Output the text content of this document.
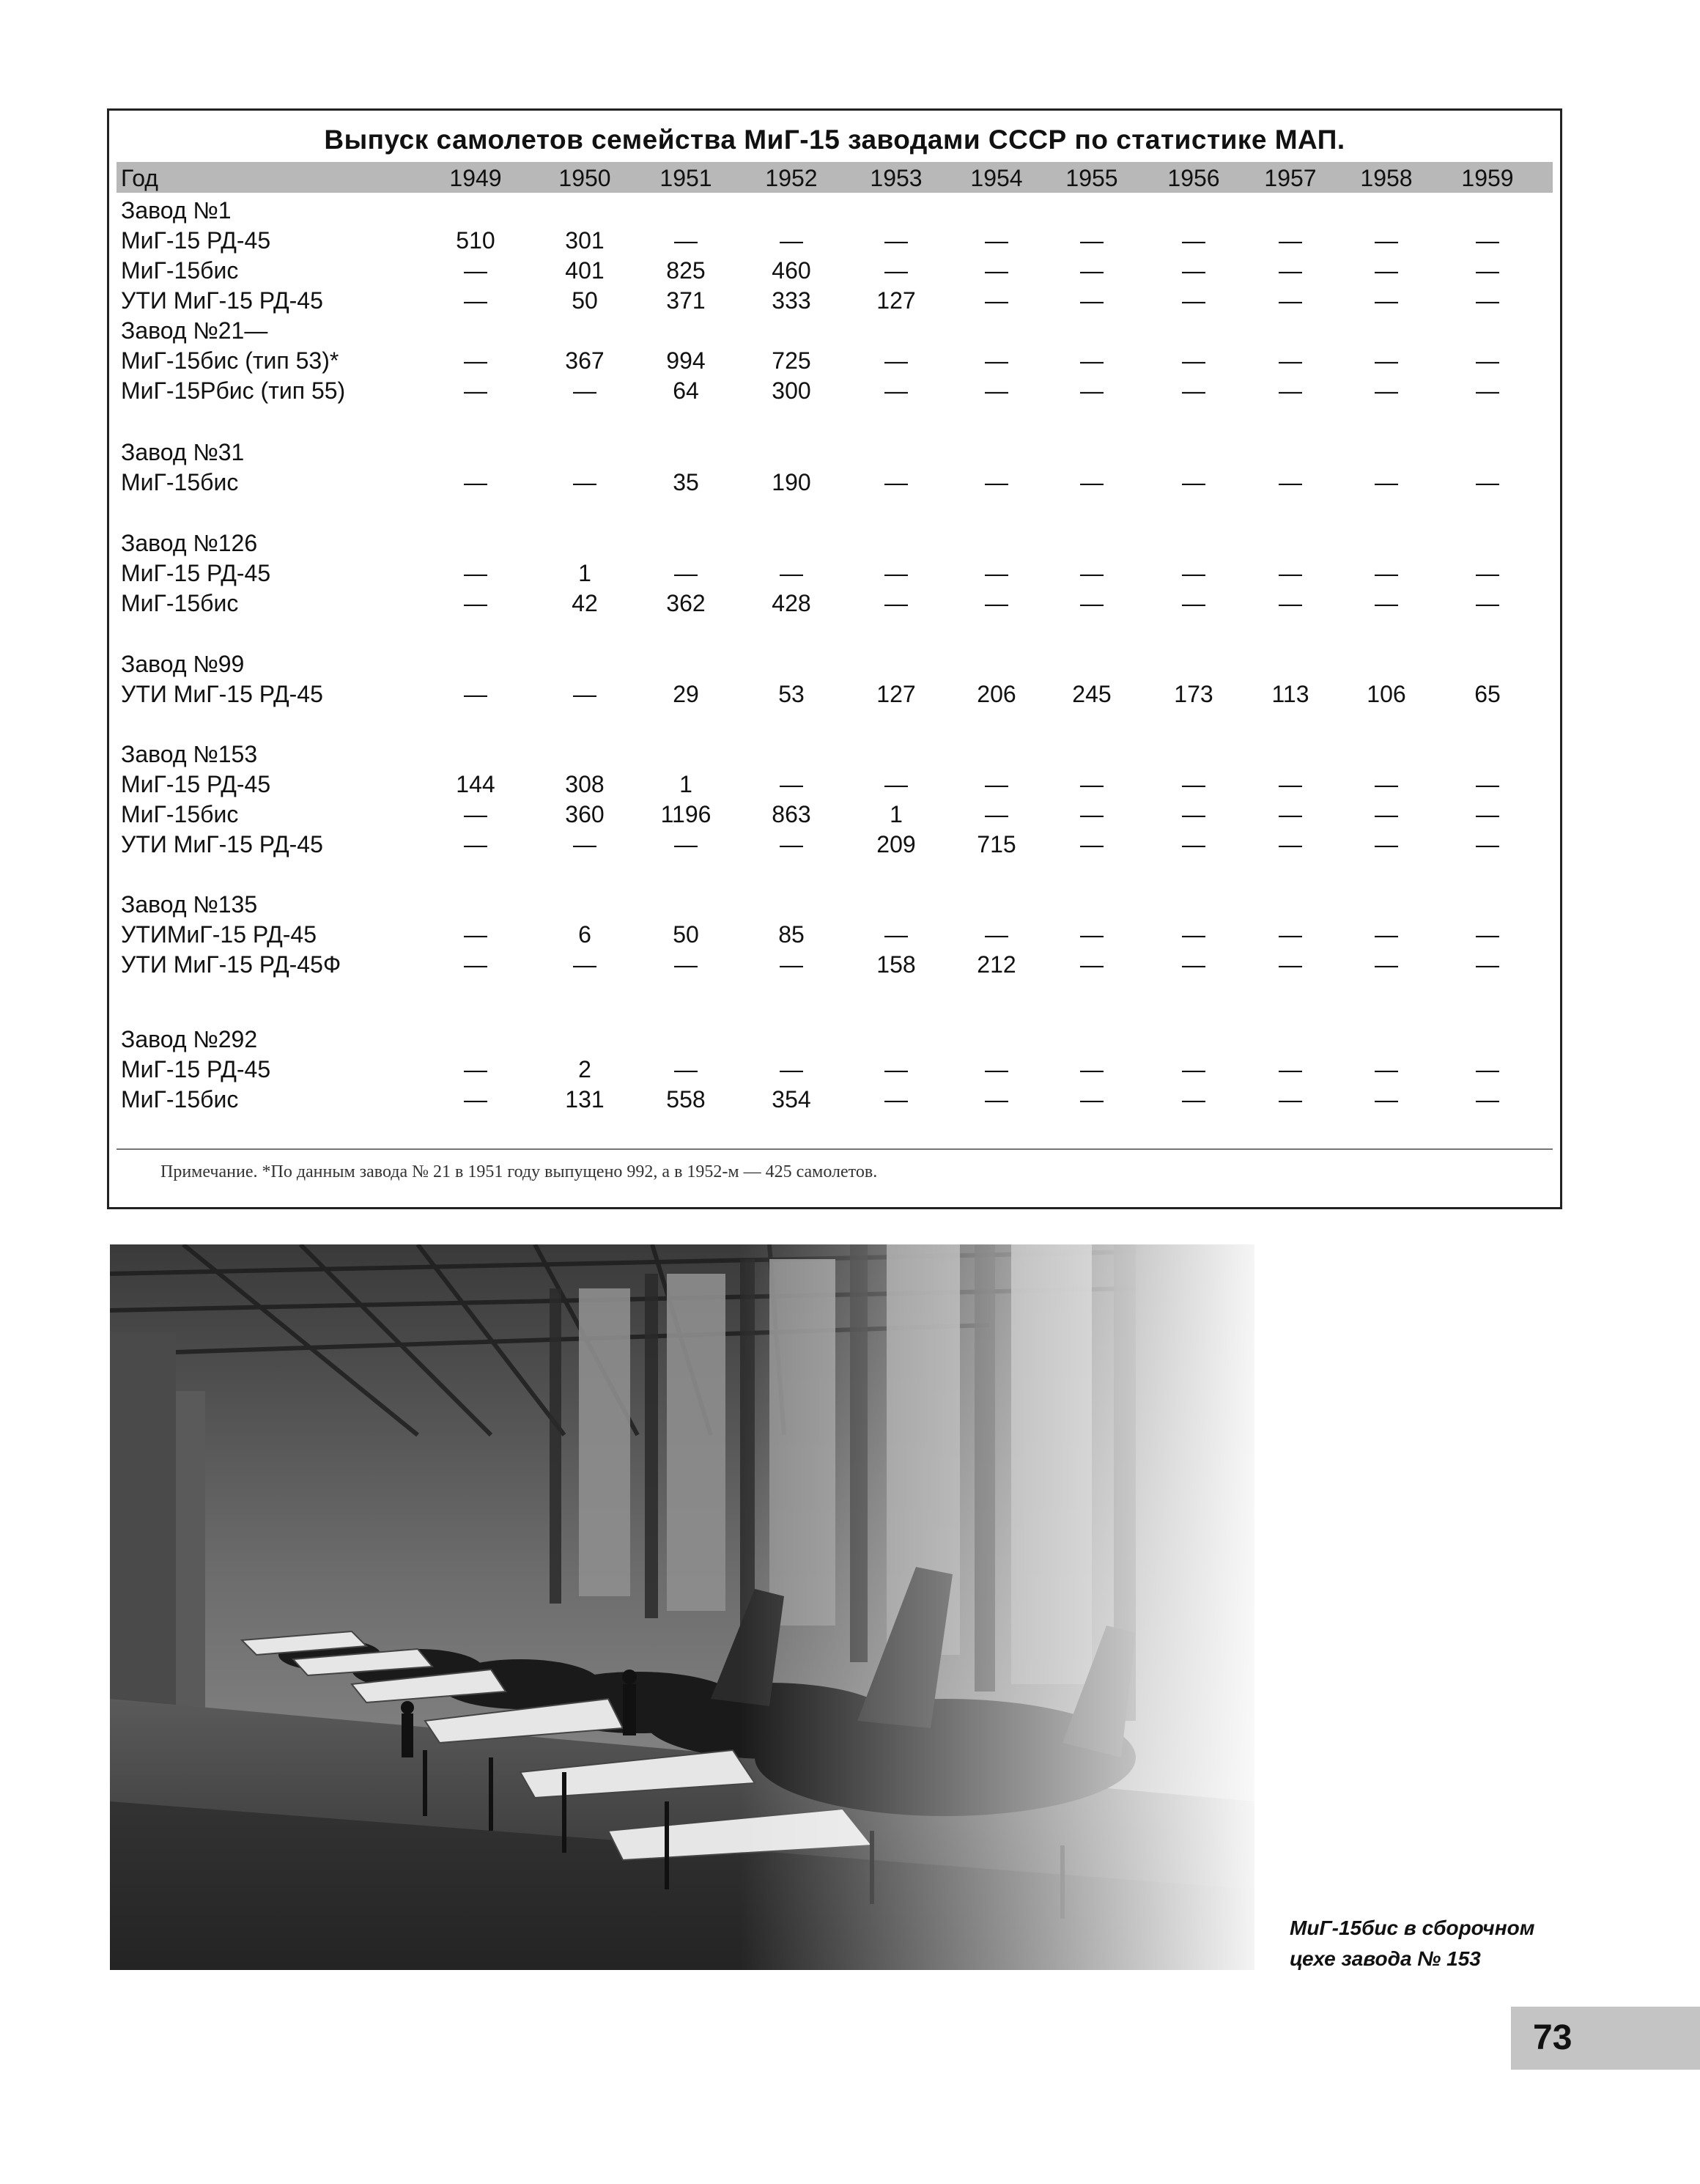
Выпуск самолетов семейства МиГ-15 заводами СССР по статистике МАП.
Год	1949	1950	1951	1952	1953	1954	1955	1956	1957	1958	1959
Завод №1
МиГ-15 РД-45	510	301	—	—	—	—	—	—	—	—	—
МиГ-15бис	—	401	825	460	—	—	—	—	—	—	—
УТИ МиГ-15 РД-45	—	50	371	333	127	—	—	—	—	—	—
Завод №21—
МиГ-15бис (тип 53)*	—	367	994	725	—	—	—	—	—	—	—
МиГ-15Рбис (тип 55)	—	—	64	300	—	—	—	—	—	—	—
Завод №31
МиГ-15бис	—	—	35	190	—	—	—	—	—	—	—
Завод №126
МиГ-15 РД-45	—	1	—	—	—	—	—	—	—	—	—
МиГ-15бис	—	42	362	428	—	—	—	—	—	—	—
Завод №99
УТИ МиГ-15 РД-45	—	—	29	53	127	206	245	173	113	106	65
Завод №153
МиГ-15 РД-45	144	308	1	—	—	—	—	—	—	—	—
МиГ-15бис	—	360	1196	863	1	—	—	—	—	—	—
УТИ МиГ-15 РД-45	—	—	—	—	209	715	—	—	—	—	—
Завод №135
УТИМиГ-15 РД-45	—	6	50	85	—	—	—	—	—	—	—
УТИ МиГ-15 РД-45Ф	—	—	—	—	158	212	—	—	—	—	—
Завод №292
МиГ-15 РД-45	—	2	—	—	—	—	—	—	—	—	—
МиГ-15бис	—	131	558	354	—	—	—	—	—	—	—
Примечание. *По данным завода № 21 в 1951 году выпущено 992, а в 1952-м — 425 самолетов.
МиГ-15бис в сборочном
цехе завода № 153
73
